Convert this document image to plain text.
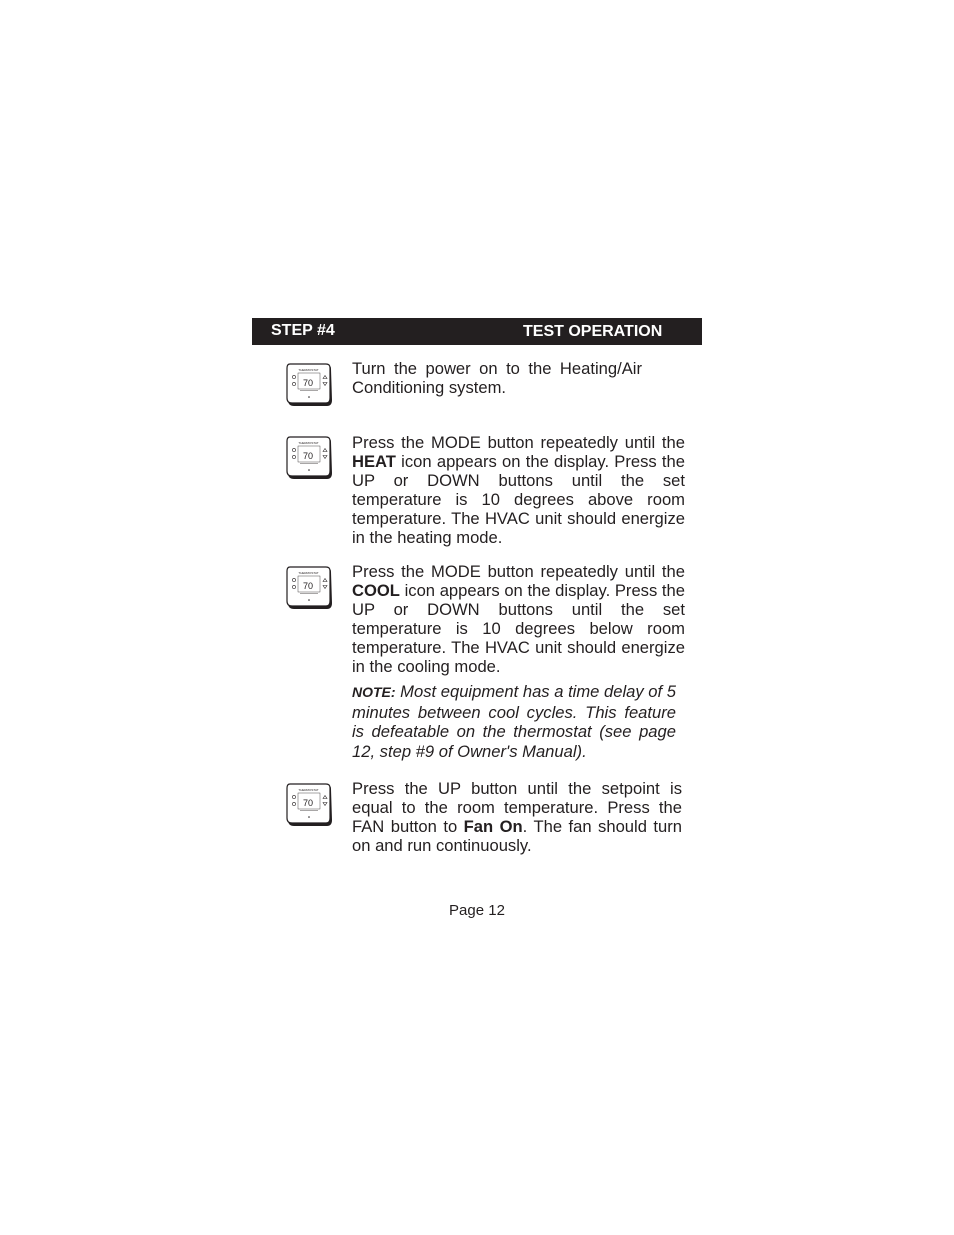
STEP #4	TEST OPERATION
THERMOSTAT
70
THERMOSTAT
70
THERMOSTAT
70
THERMOSTAT
70

Turn the power on to the Heating/Air Conditioning system.

Press the MODE button repeatedly until the HEAT icon appears on the display. Press the UP or DOWN buttons until the set temperature is 10 degrees above room temperature. The HVAC unit should energize in the heating mode.

Press the MODE button repeatedly until the COOL icon appears on the display. Press the UP or DOWN buttons until the set temperature is 10 degrees below room temperature. The HVAC unit should energize in the cooling mode.

NOTE: Most equipment has a time delay of 5 minutes between cool cycles. This feature is defeatable on the thermostat (see page 12, step #9 of Owner's Manual).

Press the UP button until the setpoint is equal to the room temperature. Press the FAN button to Fan On. The fan should turn on and run continuously.

Page 12
